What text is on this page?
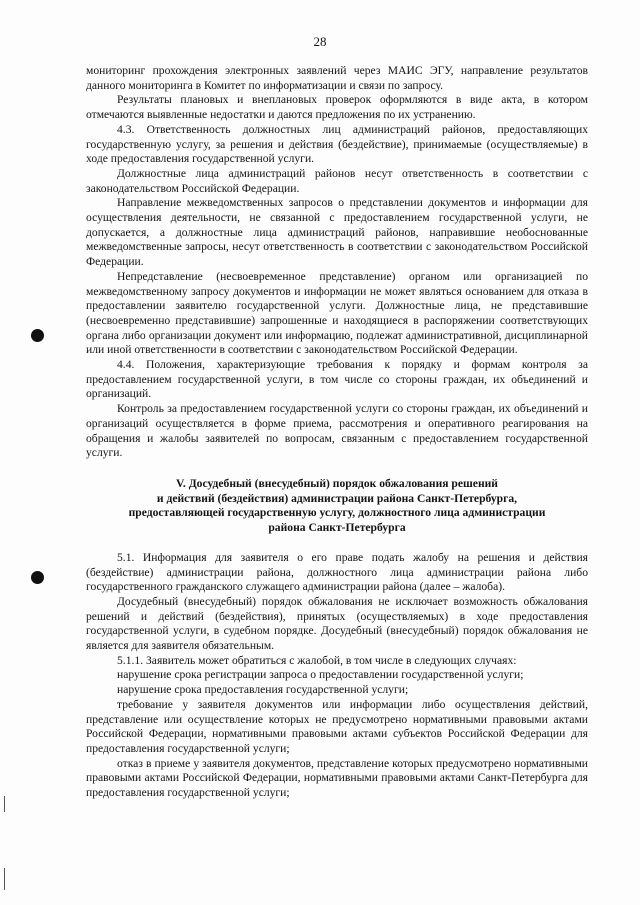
28

мониторинг прохождения электронных заявлений через МАИС ЭГУ, направление результатов данного мониторинга в Комитет по информатизации и связи по запросу.

Результаты плановых и внеплановых проверок оформляются в виде акта, в котором отмечаются выявленные недостатки и даются предложения по их устранению.

4.3. Ответственность должностных лиц администраций районов, предоставляющих государственную услугу, за решения и действия (бездействие), принимаемые (осуществляемые) в ходе предоставления государственной услуги.

Должностные лица администраций районов несут ответственность в соответствии с законодательством Российской Федерации.

Направление межведомственных запросов о представлении документов и информации для осуществления деятельности, не связанной с предоставлением государственной услуги, не допускается, а должностные лица администраций районов, направившие необоснованные межведомственные запросы, несут ответственность в соответствии с законодательством Российской Федерации.

Непредставление (несвоевременное представление) органом или организацией по межведомственному запросу документов и информации не может являться основанием для отказа в предоставлении заявителю государственной услуги. Должностные лица, не представившие (несвоевременно представившие) запрошенные и находящиеся в распоряжении соответствующих органа либо организации документ или информацию, подлежат административной, дисциплинарной или иной ответственности в соответствии с законодательством Российской Федерации.

4.4. Положения, характеризующие требования к порядку и формам контроля за предоставлением государственной услуги, в том числе со стороны граждан, их объединений и организаций.

Контроль за предоставлением государственной услуги со стороны граждан, их объединений и организаций осуществляется в форме приема, рассмотрения и оперативного реагирования на обращения и жалобы заявителей по вопросам, связанным с предоставлением государственной услуги.

V. Досудебный (внесудебный) порядок обжалования решений
и действий (бездействия) администрации района Санкт-Петербурга,
предоставляющей государственную услугу, должностного лица администрации
района Санкт-Петербурга

5.1. Информация для заявителя о его праве подать жалобу на решения и действия (бездействие) администрации района, должностного лица администрации района либо государственного гражданского служащего администрации района (далее – жалоба).

Досудебный (внесудебный) порядок обжалования не исключает возможность обжалования решений и действий (бездействия), принятых (осуществляемых) в ходе предоставления государственной услуги, в судебном порядке. Досудебный (внесудебный) порядок обжалования не является для заявителя обязательным.

5.1.1. Заявитель может обратиться с жалобой, в том числе в следующих случаях:

нарушение срока регистрации запроса о предоставлении государственной услуги;

нарушение срока предоставления государственной услуги;

требование у заявителя документов или информации либо осуществления действий, представление или осуществление которых не предусмотрено нормативными правовыми актами Российской Федерации, нормативными правовыми актами субъектов Российской Федерации для предоставления государственной услуги;

отказ в приеме у заявителя документов, представление которых предусмотрено нормативными правовыми актами Российской Федерации, нормативными правовыми актами Санкт-Петербурга для предоставления государственной услуги;
